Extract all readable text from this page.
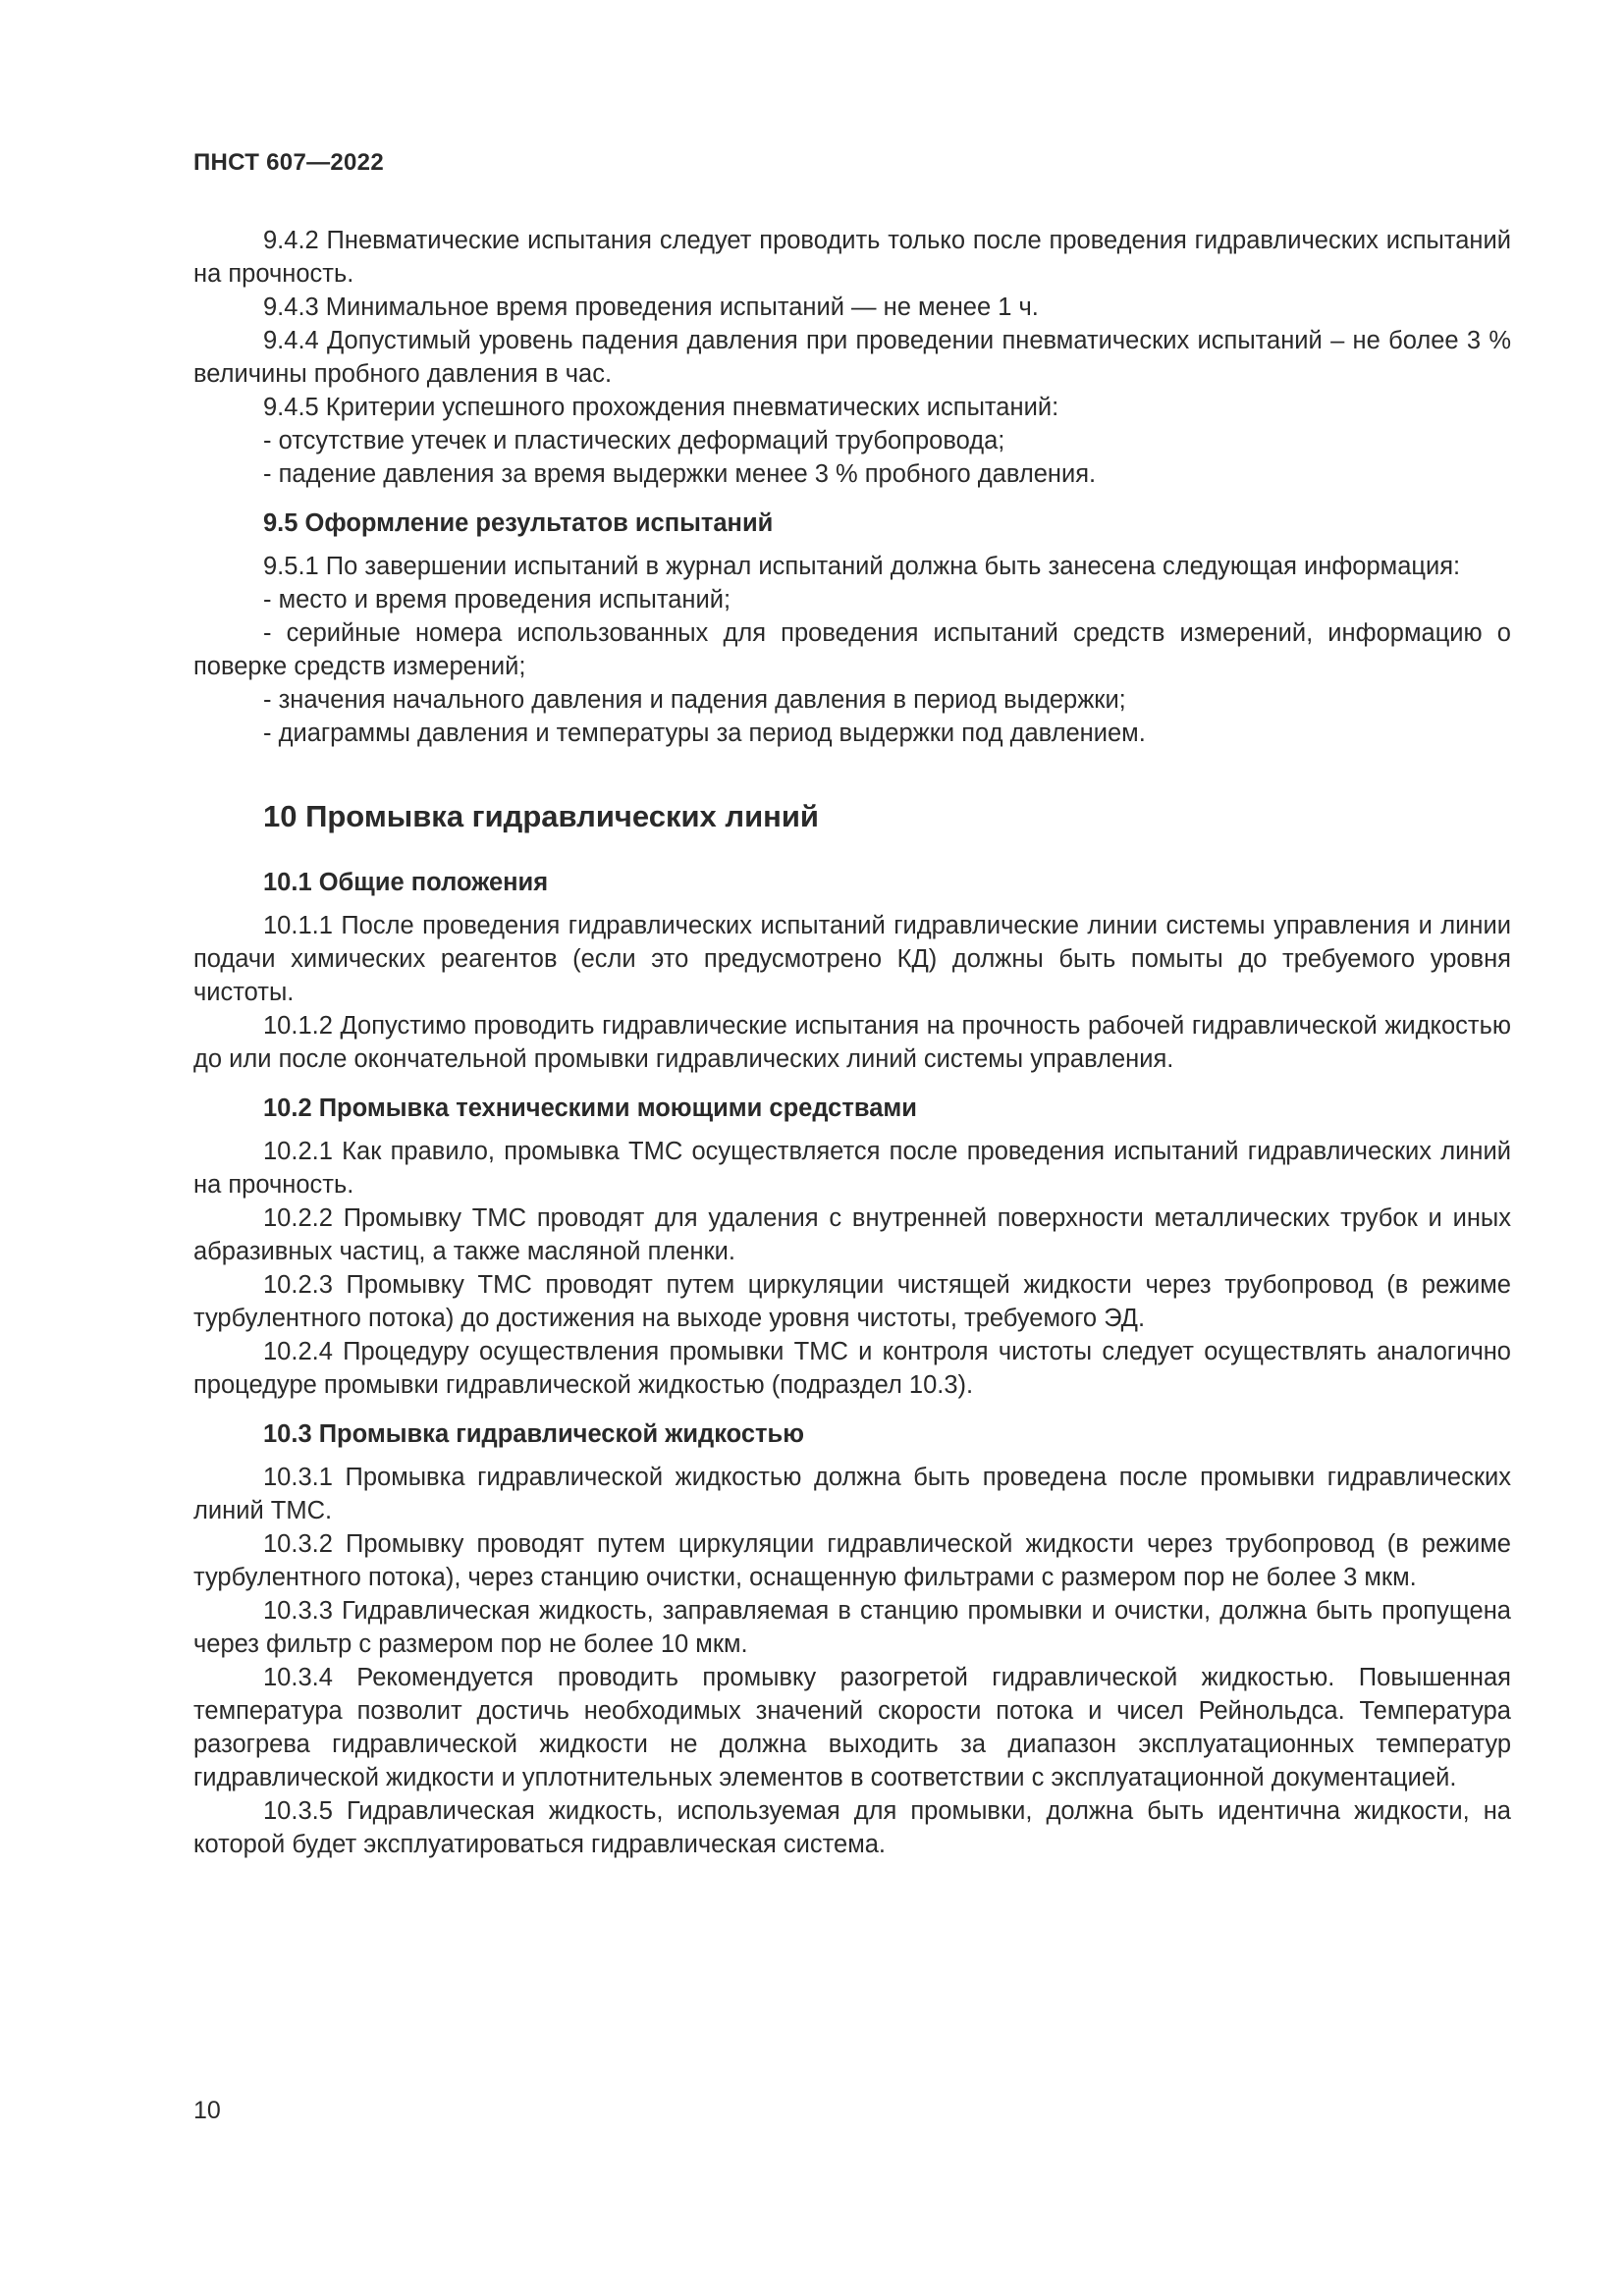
ПНСТ 607—2022

9.4.2 Пневматические испытания следует проводить только после проведения гидравлических испытаний на прочность.

9.4.3 Минимальное время проведения испытаний — не менее 1 ч.

9.4.4 Допустимый уровень падения давления при проведении пневматических испытаний – не более 3 % величины пробного давления в час.

9.4.5 Критерии успешного прохождения пневматических испытаний:

- отсутствие утечек и пластических деформаций трубопровода;

- падение давления за время выдержки менее 3 % пробного давления.

9.5 Оформление результатов испытаний

9.5.1 По завершении испытаний в журнал испытаний должна быть занесена следующая информация:

- место и время проведения испытаний;

- серийные номера использованных для проведения испытаний средств измерений, информацию о поверке средств измерений;

- значения начального давления и падения давления в период выдержки;

- диаграммы давления и температуры за период выдержки под давлением.

10 Промывка гидравлических линий
10.1 Общие положения

10.1.1 После проведения гидравлических испытаний гидравлические линии системы управления и линии подачи химических реагентов (если это предусмотрено КД) должны быть помыты до требуемого уровня чистоты.

10.1.2 Допустимо проводить гидравлические испытания на прочность рабочей гидравлической жидкостью до или после окончательной промывки гидравлических линий системы управления.

10.2 Промывка техническими моющими средствами

10.2.1 Как правило, промывка ТМС осуществляется после проведения испытаний гидравлических линий на прочность.

10.2.2 Промывку ТМС проводят для удаления с внутренней поверхности металлических трубок и иных абразивных частиц, а также масляной пленки.

10.2.3 Промывку ТМС проводят путем циркуляции чистящей жидкости через трубопровод (в режиме турбулентного потока) до достижения на выходе уровня чистоты, требуемого ЭД.

10.2.4 Процедуру осуществления промывки ТМС и контроля чистоты следует осуществлять аналогично процедуре промывки гидравлической жидкостью (подраздел 10.3).

10.3 Промывка гидравлической жидкостью

10.3.1 Промывка гидравлической жидкостью должна быть проведена после промывки гидравлических линий ТМС.

10.3.2 Промывку проводят путем циркуляции гидравлической жидкости через трубопровод (в режиме турбулентного потока), через станцию очистки, оснащенную фильтрами с размером пор не более 3 мкм.

10.3.3 Гидравлическая жидкость, заправляемая в станцию промывки и очистки, должна быть пропущена через фильтр с размером пор не более 10 мкм.

10.3.4 Рекомендуется проводить промывку разогретой гидравлической жидкостью. Повышенная температура позволит достичь необходимых значений скорости потока и чисел Рейнольдса. Температура разогрева гидравлической жидкости не должна выходить за диапазон эксплуатационных температур гидравлической жидкости и уплотнительных элементов в соответствии с эксплуатационной документацией.

10.3.5 Гидравлическая жидкость, используемая для промывки, должна быть идентична жидкости, на которой будет эксплуатироваться гидравлическая система.

10
